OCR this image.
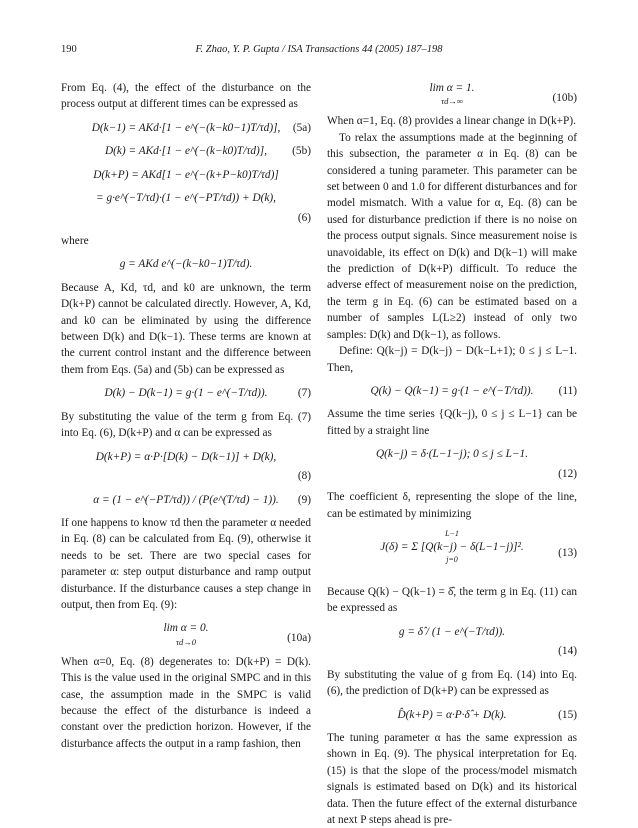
190	F. Zhao, Y. P. Gupta / ISA Transactions 44 (2005) 187–198

From Eq. (4), the effect of the disturbance on the process output at different times can be expressed as

D(k−1) = AKd·[1 − e^(−(k−k0−1)T/τd)], (5a)
D(k) = AKd·[1 − e^(−(k−k0)T/τd)], (5b)
D(k+P) = AKd[1 − e^(−(k+P−k0)T/τd)]
= g·e^(−T/τd)·(1 − e^(−PT/τd)) + D(k),
(6)

where

g = AKd e^(−(k−k0−1)T/τd).

Because A, Kd, τd, and k0 are unknown, the term D(k+P) cannot be calculated directly. However, A, Kd, and k0 can be eliminated by using the difference between D(k) and D(k−1). These terms are known at the current control instant and the difference between them from Eqs. (5a) and (5b) can be expressed as

D(k) − D(k−1) = g·(1 − e^(−T/τd)).	(7)

By substituting the value of the term g from Eq. (7) into Eq. (6), D(k+P) and α can be expressed as

D(k+P) = α·P·[D(k) − D(k−1)] + D(k),
(8)
α = (1 − e^(−PT/τd)) / (P(e^(T/τd) − 1)). (9)

If one happens to know τd then the parameter α needed in Eq. (8) can be calculated from Eq. (9), otherwise it needs to be set. There are two special cases for parameter α: step output disturbance and ramp output disturbance. If the disturbance causes a step change in output, then from Eq. (9):

lim α = 0.
τd→0	(10a)

When α=0, Eq. (8) degenerates to: D(k+P) = D(k). This is the value used in the original SMPC and in this case, the assumption made in the SMPC is valid because the effect of the disturbance is indeed a constant over the prediction horizon. However, if the disturbance affects the output in a ramp fashion, then

lim α = 1.
τd→∞	(10b)

When α=1, Eq. (8) provides a linear change in D(k+P).

To relax the assumptions made at the beginning of this subsection, the parameter α in Eq. (8) can be considered a tuning parameter. This parameter can be set between 0 and 1.0 for different disturbances and for model mismatch. With a value for α, Eq. (8) can be used for disturbance prediction if there is no noise on the process output signals. Since measurement noise is unavoidable, its effect on D(k) and D(k−1) will make the prediction of D(k+P) difficult. To reduce the adverse effect of measurement noise on the prediction, the term g in Eq. (6) can be estimated based on a number of samples L(L≥2) instead of only two samples: D(k) and D(k−1), as follows.

Define: Q(k−j) = D(k−j) − D(k−L+1); 0 ≤ j ≤ L−1. Then,

Q(k) − Q(k−1) = g·(1 − e^(−T/τd)). (11)

Assume the time series {Q(k−j), 0 ≤ j ≤ L−1} can be fitted by a straight line

Q(k−j) = δ·(L−1−j); 0 ≤ j ≤ L−1.
(12)

The coefficient δ, representing the slope of the line, can be estimated by minimizing

L−1
J(δ) = Σ [Q(k−j) − δ(L−1−j)]².
j=0
(13)

Because Q(k) − Q(k−1) = δ̂, the term g in Eq. (11) can be expressed as

g = δ̂ / (1 − e^(−T/τd)).
(14)

By substituting the value of g from Eq. (14) into Eq. (6), the prediction of D(k+P) can be expressed as

D̂(k+P) = α·P·δ̂ + D(k).	(15)

The tuning parameter α has the same expression as shown in Eq. (9). The physical interpretation for Eq. (15) is that the slope of the process/model mismatch signals is estimated based on D(k) and its historical data. Then the future effect of the external disturbance at next P steps ahead is pre-
